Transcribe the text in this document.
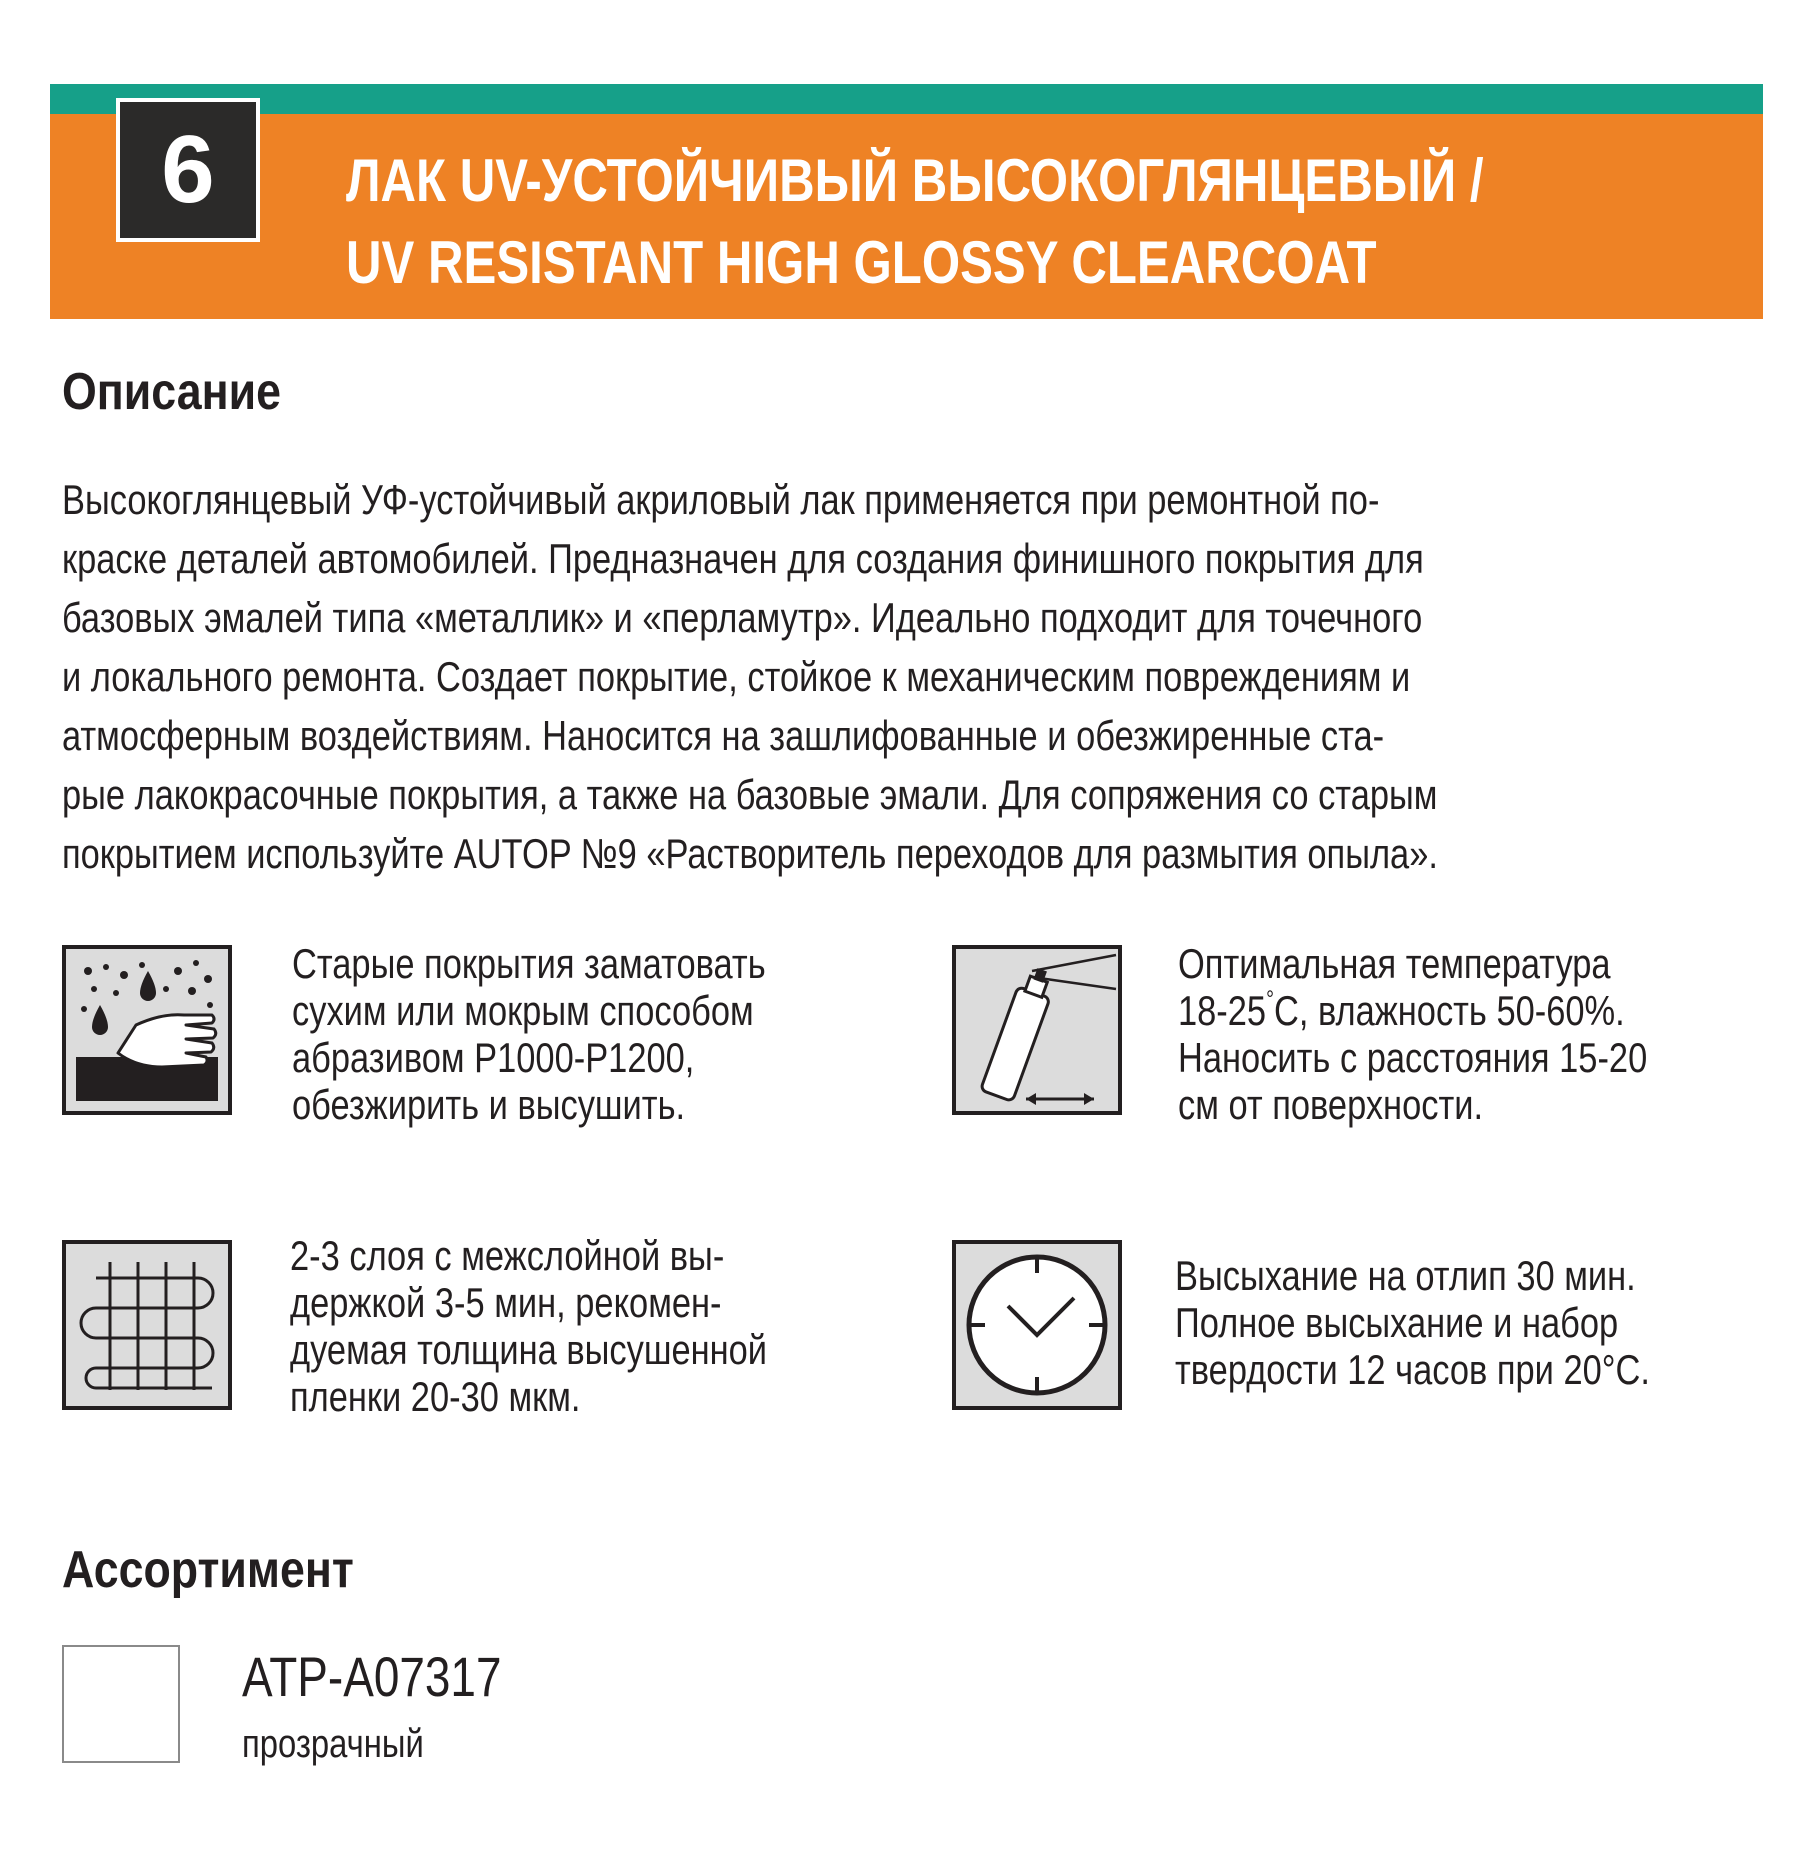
6	ЛАК UV-УСТОЙЧИВЫЙ ВЫСОКОГЛЯНЦЕВЫЙ /
UV RESISTANT HIGH GLOSSY CLEARCOAT
Описание
Высокоглянцевый УФ-устойчивый акриловый лак применяется при ремонтной по-
краске деталей автомобилей. Предназначен для создания финишного покрытия для
базовых эмалей типа «металлик» и «перламутр». Идеально подходит для точечного
и локального ремонта. Создает покрытие, стойкое к механическим повреждениям и
атмосферным воздействиям. Наносится на зашлифованные и обезжиренные ста-
рые лакокрасочные покрытия, а также на базовые эмали. Для сопряжения со старым
покрытием используйте AUTOP №9 «Растворитель переходов для размытия опыла».
Старые покрытия заматовать
сухим или мокрым способом
абразивом P1000-P1200,
обезжирить и высушить.
Оптимальная температура
18-25°С, влажность 50-60%.
Наносить с расстояния 15-20
см от поверхности.
2-3 слоя с межслойной вы-
держкой 3-5 мин, рекомен-
дуемая толщина высушенной
пленки 20-30 мкм.
Высыхание на отлип 30 мин.
Полное высыхание и набор
твердости 12 часов при 20°С.
Ассортимент
ATP-A07317
прозрачный
